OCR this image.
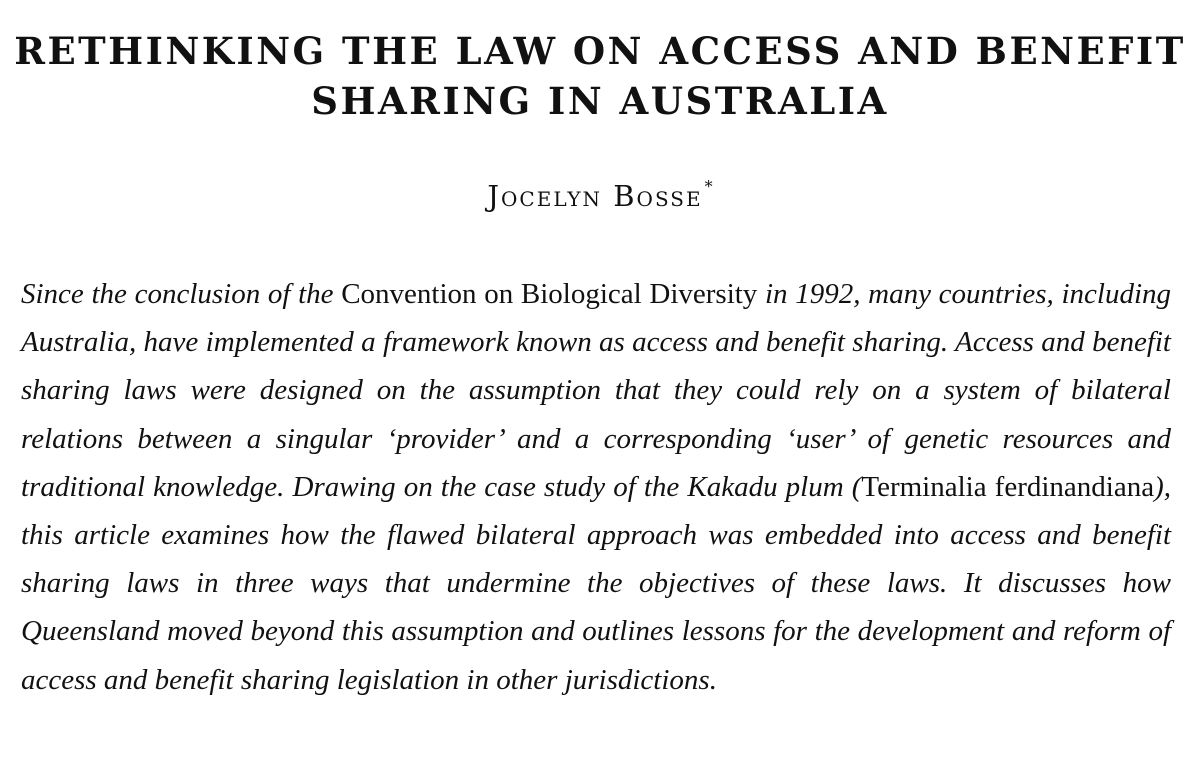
RETHINKING THE LAW ON ACCESS AND BENEFIT SHARING IN AUSTRALIA

Jocelyn Bosse *

Since the conclusion of the Convention on Biological Diversity in 1992, many countries, including Australia, have implemented a framework known as access and benefit sharing. Access and benefit sharing laws were designed on the assumption that they could rely on a system of bilateral relations between a singular ‘provider’ and a corresponding ‘user’ of genetic resources and traditional knowledge. Drawing on the case study of the Kakadu plum (Terminalia ferdinandiana), this article examines how the flawed bilateral approach was embedded into access and benefit sharing laws in three ways that undermine the objectives of these laws. It discusses how Queensland moved beyond this assumption and outlines lessons for the development and reform of access and benefit sharing legislation in other jurisdictions.
